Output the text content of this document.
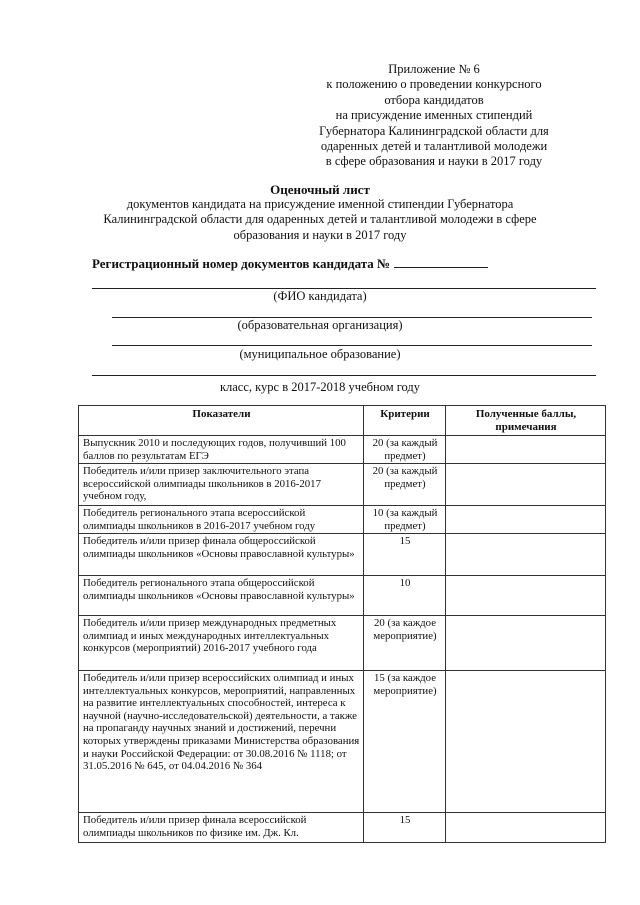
Приложение № 6
к положению о проведении конкурсного
отбора кандидатов
на присуждение именных стипендий
Губернатора Калининградской области для
одаренных детей и талантливой молодежи
в сфере образования и науки в 2017 году
Оценочный лист
документов кандидата на присуждение именной стипендии Губернатора Калининградской области для одаренных детей и талантливой молодежи в сфере образования и науки в 2017 году
Регистрационный номер документов кандидата №
(ФИО кандидата)
(образовательная организация)
(муниципальное образование)
класс, курс в 2017-2018 учебном году
Показатели	Критерии	Полученные баллы, примечания
Выпускник 2010 и последующих годов, получивший 100 баллов по результатам ЕГЭ	20 (за каждый предмет)	
Победитель и/или призер заключительного этапа всероссийской олимпиады школьников в 2016-2017 учебном году,	20 (за каждый предмет)	
Победитель регионального этапа всероссийской олимпиады школьников в 2016-2017 учебном году	10 (за каждый предмет)	
Победитель и/или призер финала общероссийской олимпиады школьников «Основы православной культуры»	15	
Победитель регионального этапа общероссийской олимпиады школьников «Основы православной культуры»	10	
Победитель и/или призер международных предметных олимпиад и иных международных интеллектуальных конкурсов (мероприятий) 2016-2017 учебного года	20 (за каждое мероприятие)	
Победитель и/или призер всероссийских олимпиад и иных интеллектуальных конкурсов, мероприятий, направленных на развитие интеллектуальных способностей, интереса к научной (научно-исследовательской) деятельности, а также на пропаганду научных знаний и достижений, перечни которых утверждены приказами Министерства образования и науки Российской Федерации: от 30.08.2016 № 1118; от 31.05.2016 № 645, от 04.04.2016 № 364	15 (за каждое мероприятие)	
Победитель и/или призер финала всероссийской олимпиады школьников по физике им. Дж. Кл.	15	
